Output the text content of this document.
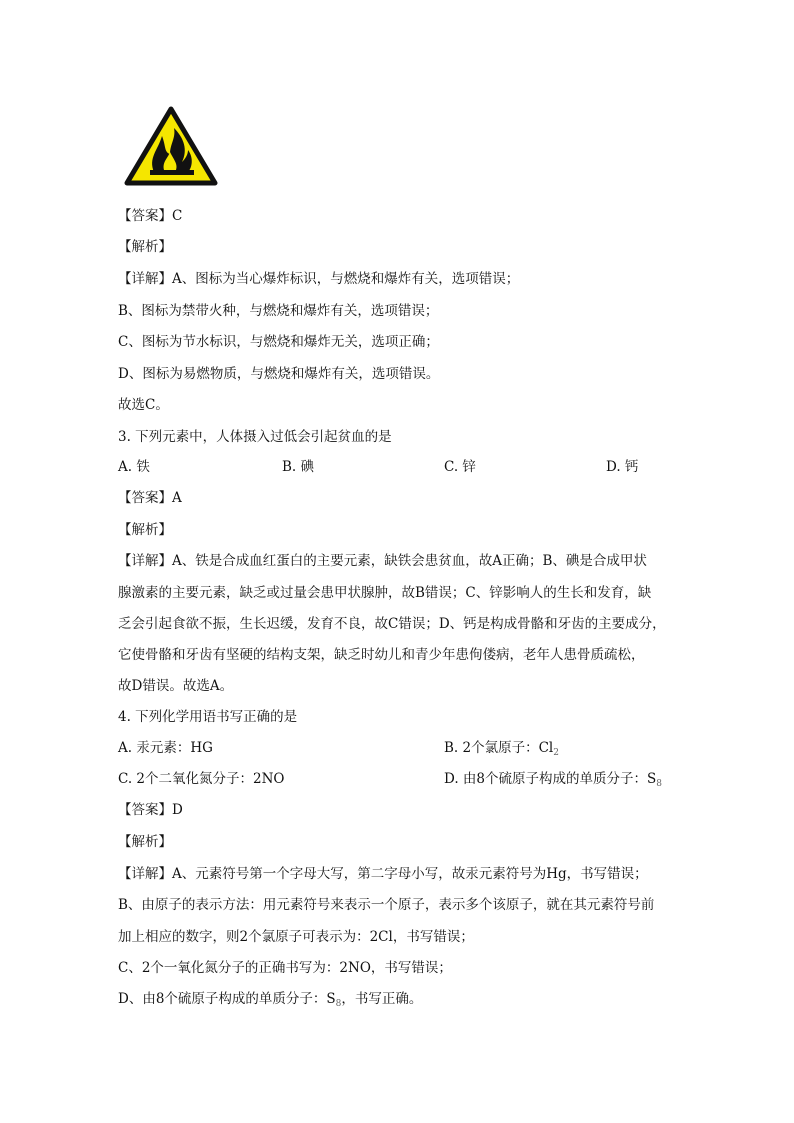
【答案】C
【解析】
【详解】A、图标为当心爆炸标识，与燃烧和爆炸有关，选项错误；
B、图标为禁带火种，与燃烧和爆炸有关，选项错误；
C、图标为节水标识，与燃烧和爆炸无关，选项正确；
D、图标为易燃物质，与燃烧和爆炸有关，选项错误。
故选C。
3. 下列元素中，人体摄入过低会引起贫血的是
A. 铁	B. 碘	C. 锌	D. 钙
【答案】A
【解析】
【详解】A、铁是合成血红蛋白的主要元素，缺铁会患贫血，故A正确；B、碘是合成甲状
腺激素的主要元素，缺乏或过量会患甲状腺肿，故B错误；C、锌影响人的生长和发育，缺
乏会引起食欲不振，生长迟缓，发育不良，故C错误；D、钙是构成骨骼和牙齿的主要成分，
它使骨骼和牙齿有坚硬的结构支架，缺乏时幼儿和青少年患佝偻病，老年人患骨质疏松，
故D错误。故选A。
4. 下列化学用语书写正确的是
A. 汞元素：HG	B. 2个氯原子：$Cl_2$
C. 2个二氧化氮分子：2NO	D. 由8个硫原子构成的单质分子：$S_8$
【答案】D
【解析】
【详解】A、元素符号第一个字母大写，第二字母小写，故汞元素符号为Hg，书写错误；
B、由原子的表示方法：用元素符号来表示一个原子，表示多个该原子，就在其元素符号前
加上相应的数字，则2个氯原子可表示为：2Cl，书写错误；
C、2个一氧化氮分子的正确书写为：2NO，书写错误；
D、由8个硫原子构成的单质分子：$S_8$，书写正确。
